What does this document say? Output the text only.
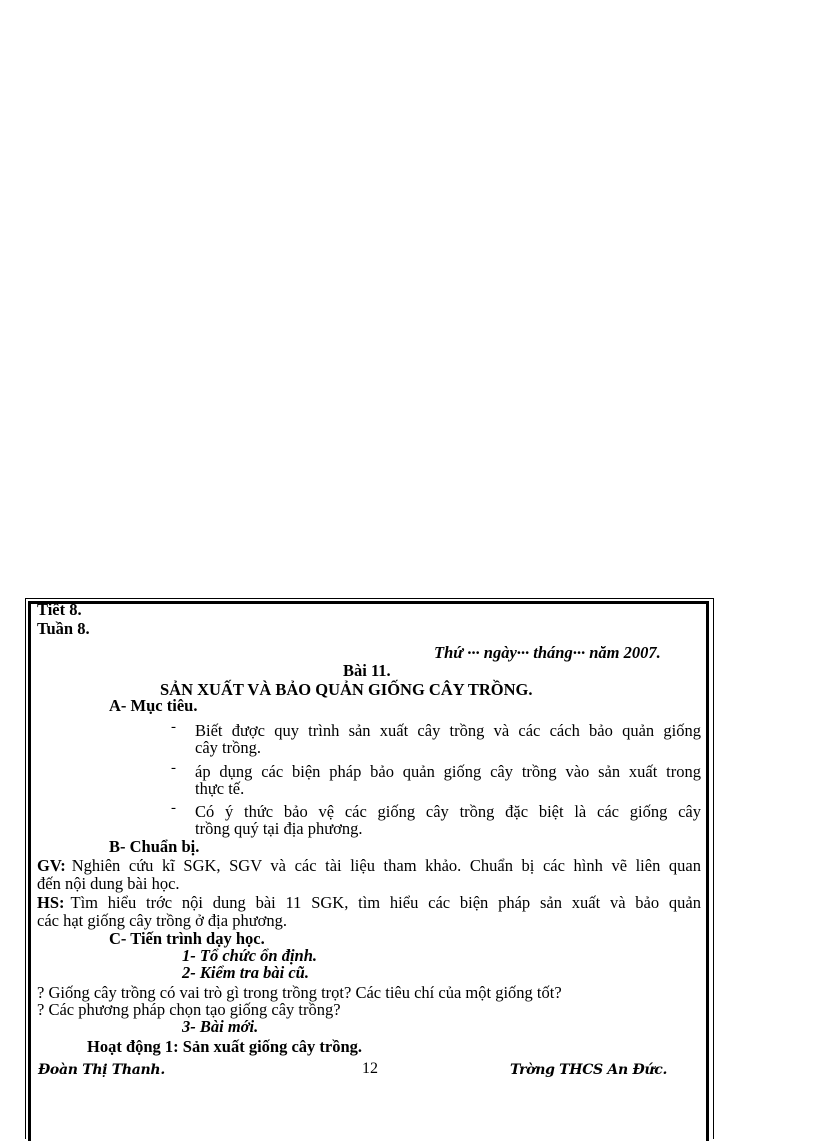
Tiết 8.
Tuần 8.
Thứ ··· ngày··· tháng··· năm 2007.
Bài 11.
SẢN XUẤT VÀ BẢO QUẢN GIỐNG CÂY TRỒNG.
A- Mục tiêu.
- Biết được quy trình sản xuất cây trồng và các cách bảo quản giống
cây trồng.
- áp dụng các biện pháp bảo quản giống cây trồng vào sản xuất trong
thực tế.
- Có ý thức bảo vệ các giống cây trồng đặc biệt là các giống cây
trồng quý tại địa phương.
B- Chuẩn bị.
GV: Nghiên cứu kĩ SGK, SGV và các tài liệu tham khảo. Chuẩn bị các hình vẽ liên quan
đến nội dung bài học.
HS: Tìm hiểu trớc nội dung bài 11 SGK, tìm hiểu các biện pháp sản xuất và bảo quản
các hạt giống cây trồng ở địa phương.
C- Tiến trình dạy học.
1- Tổ chức ổn định.
2- Kiểm tra bài cũ.
? Giống cây trồng có vai trò gì trong trồng trọt? Các tiêu chí của một giống tốt?
? Các phương pháp chọn tạo giống cây trồng?
3- Bài mới.
Hoạt động 1: Sản xuất giống cây trồng.
Đoàn Thị Thanh.	12	Trờng THCS An Đức.
